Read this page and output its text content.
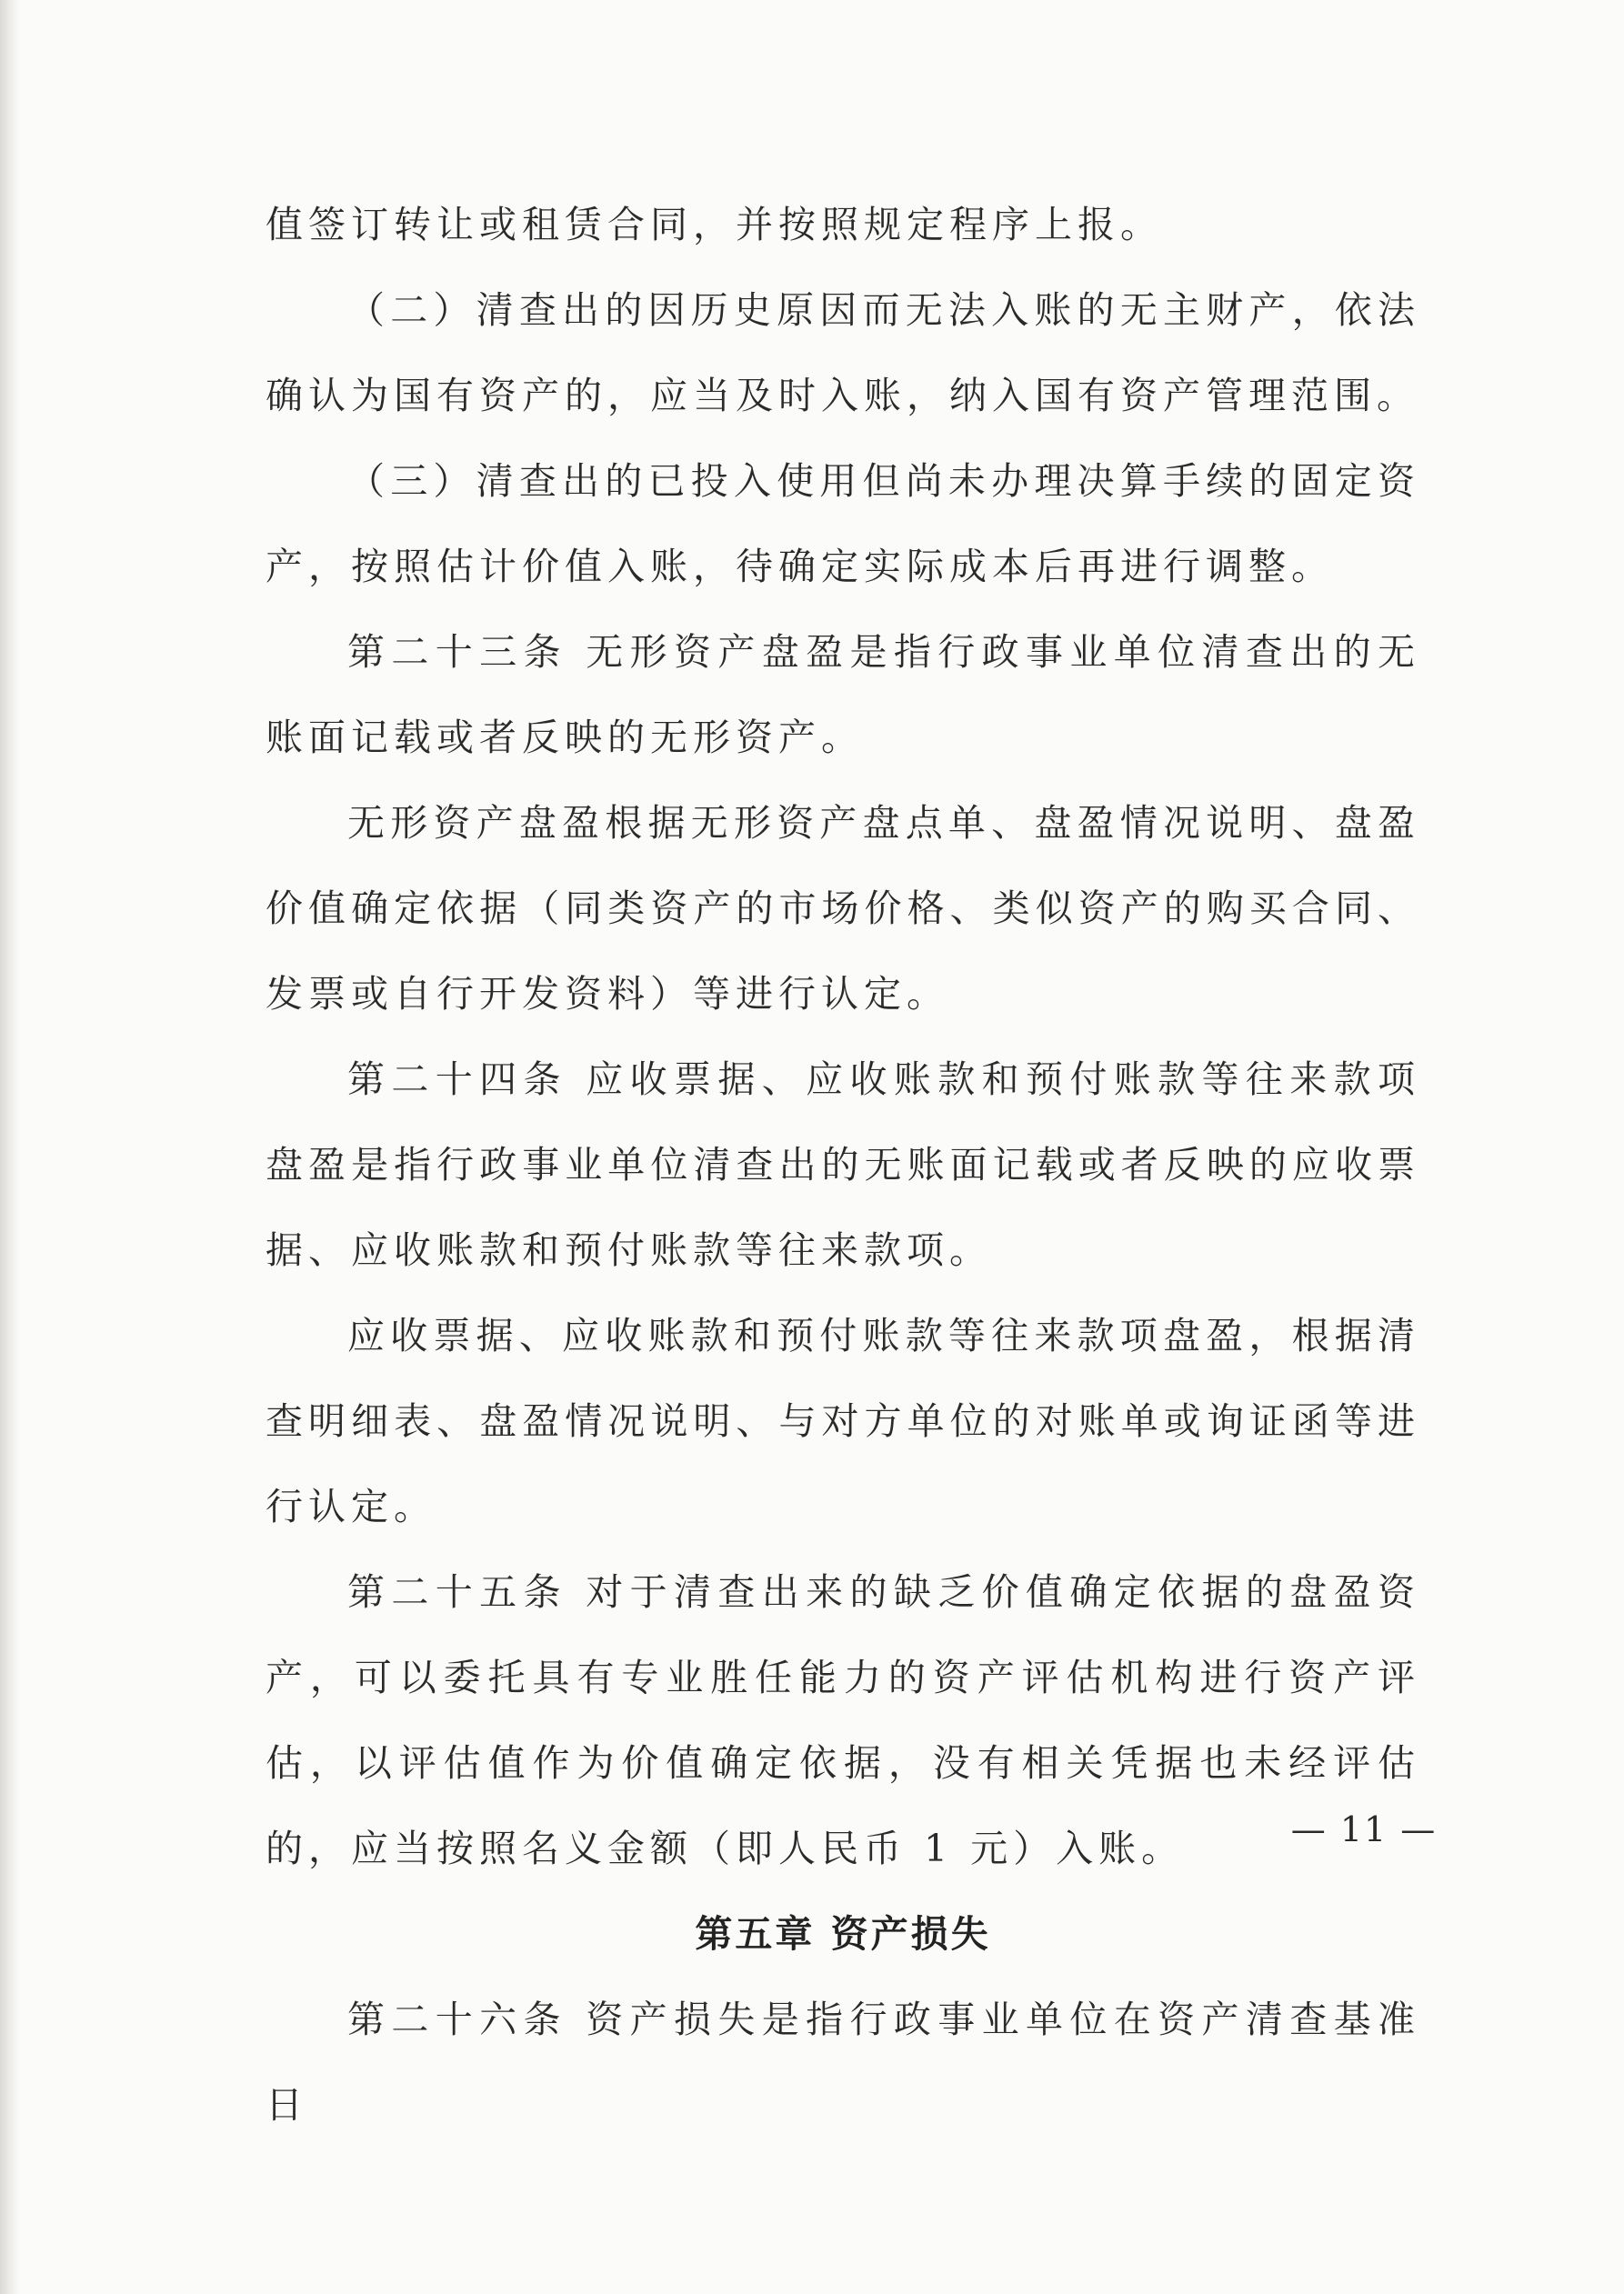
值签订转让或租赁合同，并按照规定程序上报。

（二）清查出的因历史原因而无法入账的无主财产，依法确认为国有资产的，应当及时入账，纳入国有资产管理范围。

（三）清查出的已投入使用但尚未办理决算手续的固定资产，按照估计价值入账，待确定实际成本后再进行调整。

第二十三条 无形资产盘盈是指行政事业单位清查出的无账面记载或者反映的无形资产。

无形资产盘盈根据无形资产盘点单、盘盈情况说明、盘盈价值确定依据（同类资产的市场价格、类似资产的购买合同、发票或自行开发资料）等进行认定。

第二十四条 应收票据、应收账款和预付账款等往来款项盘盈是指行政事业单位清查出的无账面记载或者反映的应收票据、应收账款和预付账款等往来款项。

应收票据、应收账款和预付账款等往来款项盘盈，根据清查明细表、盘盈情况说明、与对方单位的对账单或询证函等进行认定。

第二十五条 对于清查出来的缺乏价值确定依据的盘盈资产，可以委托具有专业胜任能力的资产评估机构进行资产评估，以评估值作为价值确定依据，没有相关凭据也未经评估的，应当按照名义金额（即人民币 1 元）入账。

第五章 资产损失

第二十六条 资产损失是指行政事业单位在资产清查基准日

— 11 —
